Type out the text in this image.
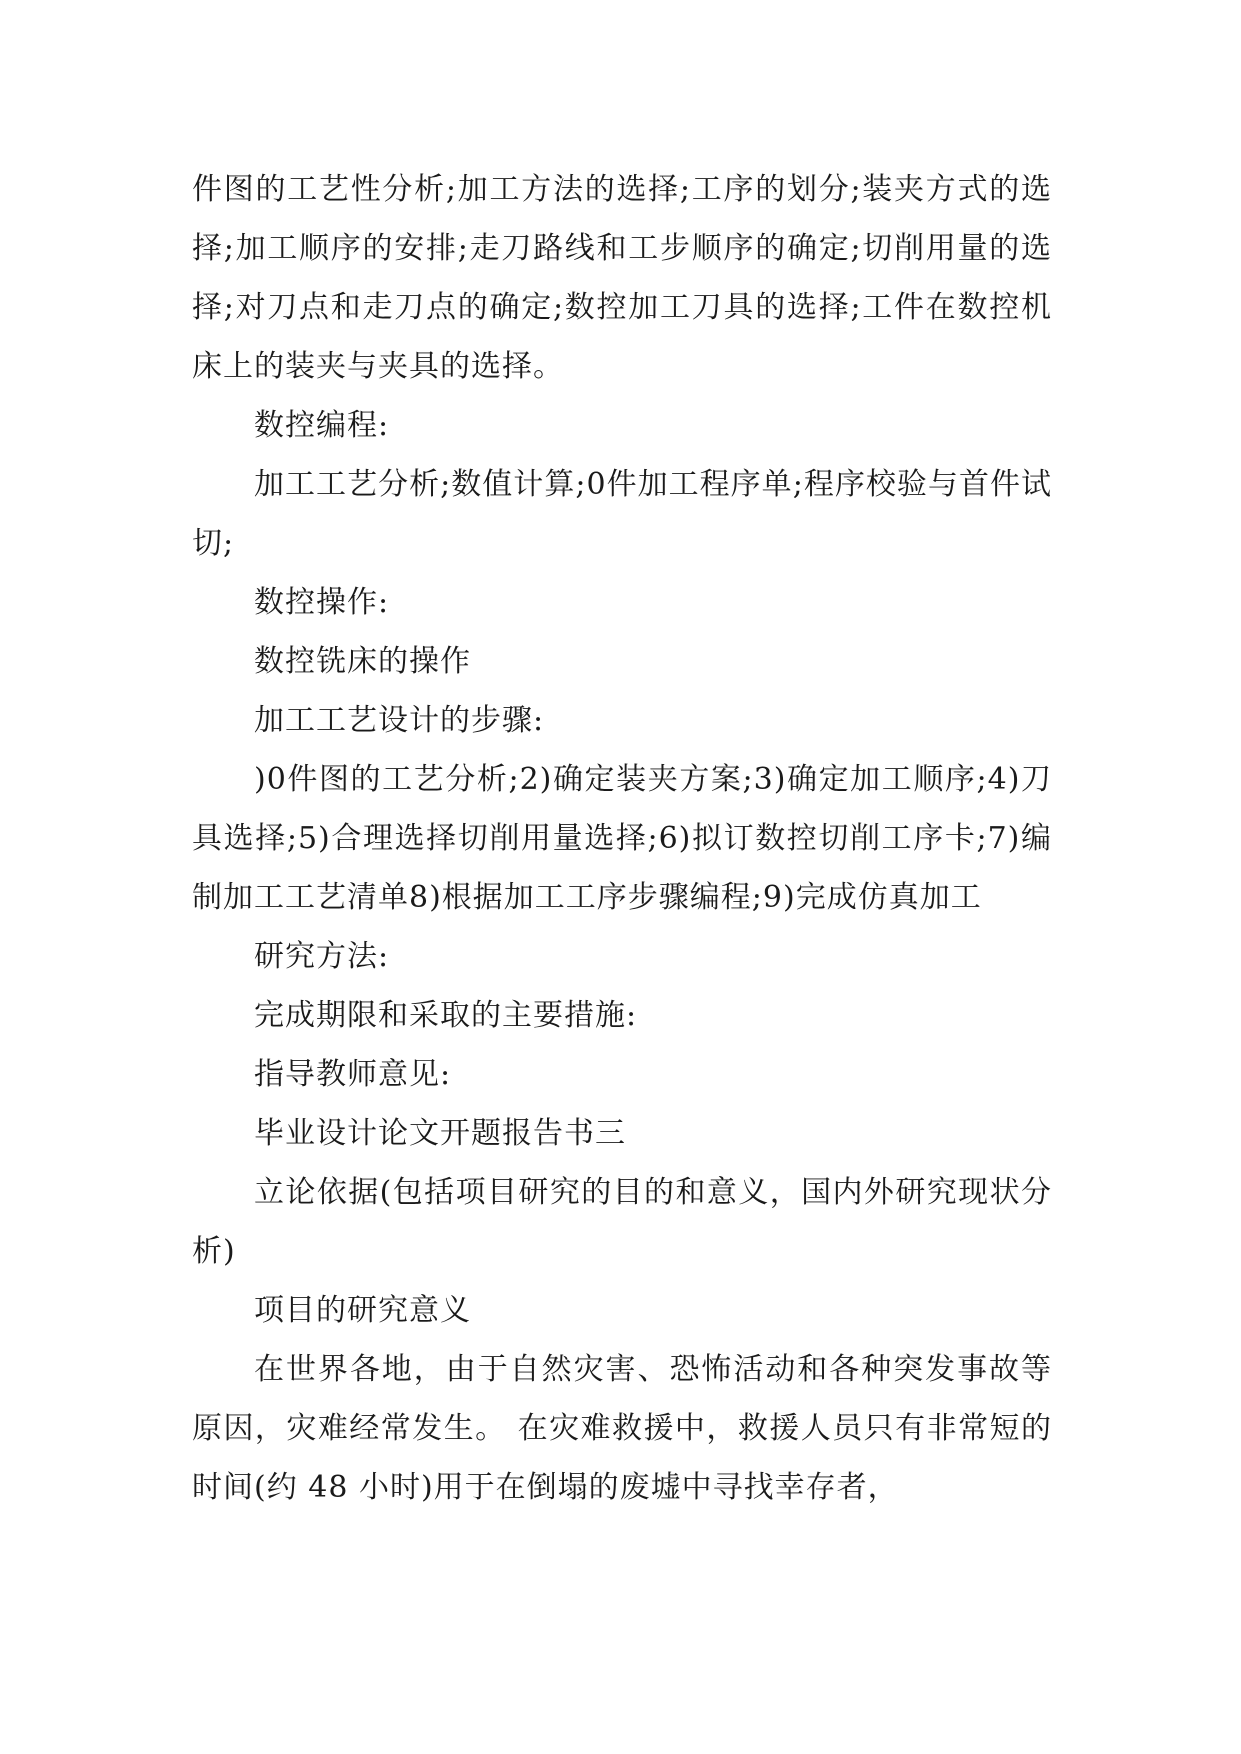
件图的工艺性分析;加工方法的选择;工序的划分;装夹方式的选择;加工顺序的安排;走刀路线和工步顺序的确定;切削用量的选择;对刀点和走刀点的确定;数控加工刀具的选择;工件在数控机床上的装夹与夹具的选择。

数控编程:

加工工艺分析;数值计算;0件加工程序单;程序校验与首件试切;

数控操作:

数控铣床的操作

加工工艺设计的步骤:

)0件图的工艺分析;2)确定装夹方案;3)确定加工顺序;4)刀具选择;5)合理选择切削用量选择;6)拟订数控切削工序卡;7)编制加工工艺清单8)根据加工工序步骤编程;9)完成仿真加工

研究方法:

完成期限和采取的主要措施:

指导教师意见:

毕业设计论文开题报告书三

立论依据(包括项目研究的目的和意义，国内外研究现状分析)

项目的研究意义

在世界各地，由于自然灾害、恐怖活动和各种突发事故等原因，灾难经常发生。 在灾难救援中，救援人员只有非常短的时间(约 48 小时)用于在倒塌的废墟中寻找幸存者，
